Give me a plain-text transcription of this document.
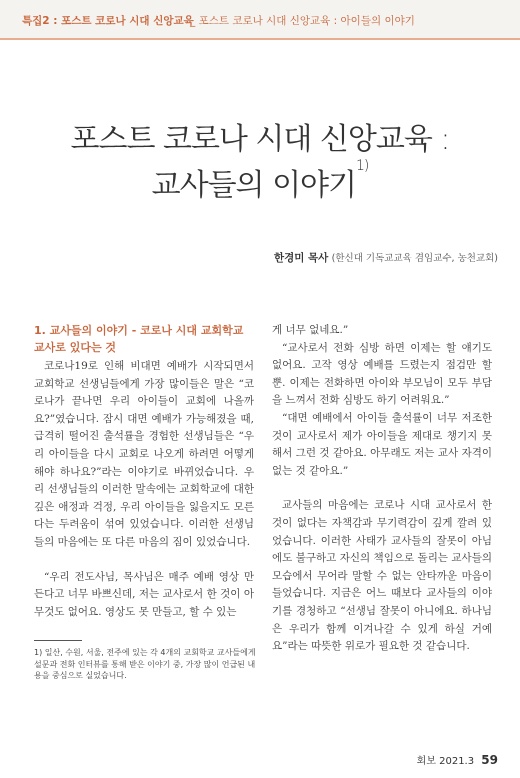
특집2 : 포스트 코로나 시대 신앙교육
_ 포스트 코로나 시대 신앙교육 : 아이들의 이야기
포스트 코로나 시대 신앙교육 :
교사들의 이야기$^{1)}$
한경미 목사 (한신대 기독교교육 겸임교수, 농천교회)
1. 교사들의 이야기 - 코로나 시대 교회학교 교사로 있다는 것

코로나19로 인해 비대면 예배가 시작되면서 교회학교 선생님들에게 가장 많이들은 말은 “코로나가 끝나면 우리 아이들이 교회에 나올까요?”였습니다. 잠시 대면 예배가 가능해졌을 때, 급격히 떨어진 출석률을 경험한 선생님들은 “우리 아이들을 다시 교회로 나오게 하려면 어떻게 해야 하나요?”라는 이야기로 바뀌었습니다. 우리 선생님들의 이러한 말속에는 교회학교에 대한 깊은 애정과 걱정, 우리 아이들을 잃을지도 모른다는 두려움이 섞여 있었습니다. 이러한 선생님들의 마음에는 또 다른 마음의 짐이 있었습니다.

“우리 전도사님, 목사님은 매주 예배 영상 만든다고 너무 바쁘신데, 저는 교사로서 한 것이 아무것도 없어요. 영상도 못 만들고, 할 수 있는

게 너무 없네요.”

“교사로서 전화 심방 하면 이제는 할 얘기도 없어요. 고작 영상 예배를 드렸는지 점검만 할 뿐. 이제는 전화하면 아이와 부모님이 모두 부담을 느껴서 전화 심방도 하기 어려워요.”

“대면 예배에서 아이들 출석률이 너무 저조한 것이 교사로서 제가 아이들을 제대로 챙기지 못해서 그런 것 같아요. 아무래도 저는 교사 자격이 없는 것 같아요.”

교사들의 마음에는 코로나 시대 교사로서 한 것이 없다는 자책감과 무기력감이 깊게 깔려 있었습니다. 이러한 사태가 교사들의 잘못이 아님에도 불구하고 자신의 책임으로 돌리는 교사들의 모습에서 무어라 말할 수 없는 안타까운 마음이 들었습니다. 지금은 어느 때보다 교사들의 이야기를 경청하고 “선생님 잘못이 아니에요. 하나님은 우리가 함께 이겨나갈 수 있게 하실 거예요”라는 따뜻한 위로가 필요한 것 같습니다.

1) 일산, 수원, 서울, 전주에 있는 각 4개의 교회학교 교사들에게 설문과 전화 인터뷰를 통해 받은 이야기 중, 가장 많이 언급된 내용을 중심으로 실었습니다.
회보 2021.3 59
